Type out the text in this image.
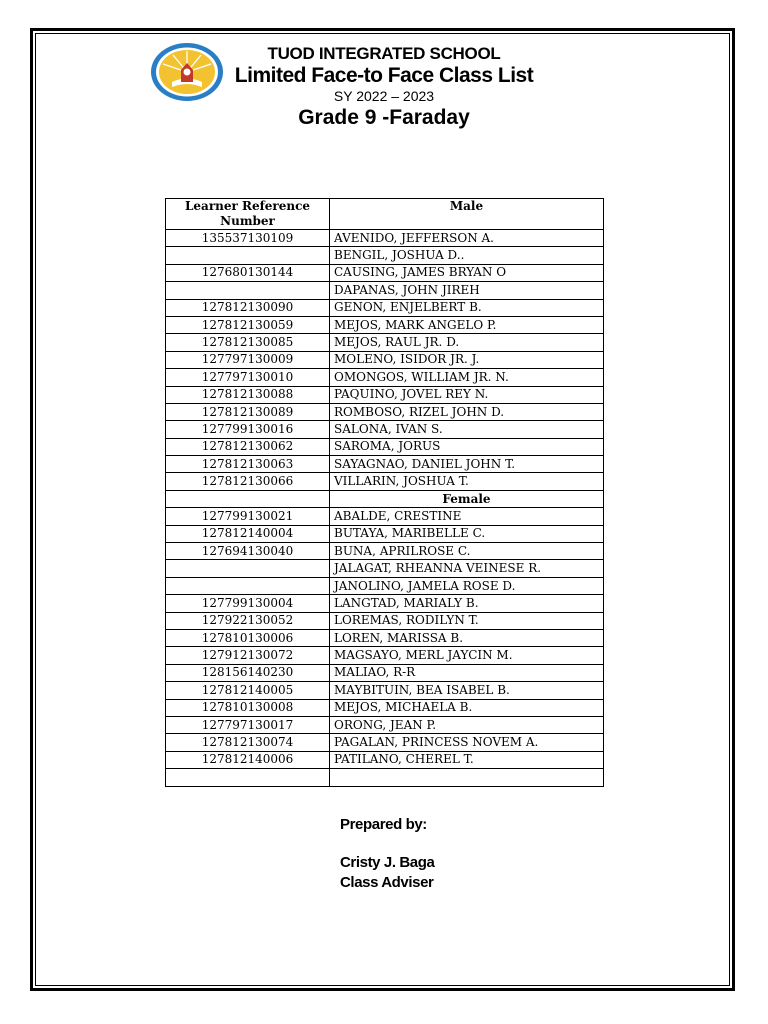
TUOD INTEGRATED SCHOOL
Limited Face-to Face Class List
SY 2022 – 2023
Grade 9 -Faraday
Learner Reference Number	Male
135537130109	AVENIDO, JEFFERSON A.
	BENGIL, JOSHUA D..
127680130144	CAUSING, JAMES BRYAN O
	DAPANAS, JOHN JIREH
127812130090	GENON, ENJELBERT B.
127812130059	MEJOS, MARK ANGELO P.
127812130085	MEJOS, RAUL JR. D.
127797130009	MOLENO, ISIDOR JR. J.
127797130010	OMONGOS, WILLIAM JR. N.
127812130088	PAQUINO, JOVEL REY N.
127812130089	ROMBOSO, RIZEL JOHN D.
127799130016	SALONA, IVAN S.
127812130062	SAROMA, JORUS
127812130063	SAYAGNAO, DANIEL JOHN T.
127812130066	VILLARIN, JOSHUA T.
	Female
127799130021	ABALDE, CRESTINE
127812140004	BUTAYA, MARIBELLE C.
127694130040	BUNA, APRILROSE C.
	JALAGAT, RHEANNA VEINESE R.
	JANOLINO, JAMELA ROSE D.
127799130004	LANGTAD, MARIALY B.
127922130052	LOREMAS, RODILYN T.
127810130006	LOREN, MARISSA B.
127912130072	MAGSAYO, MERL JAYCIN M.
128156140230	MALIAO, R-R
127812140005	MAYBITUIN, BEA ISABEL B.
127810130008	MEJOS, MICHAELA B.
127797130017	ORONG, JEAN P.
127812130074	PAGALAN, PRINCESS NOVEM A.
127812140006	PATILANO, CHEREL T.

Prepared by:
Cristy J. Baga
Class Adviser
